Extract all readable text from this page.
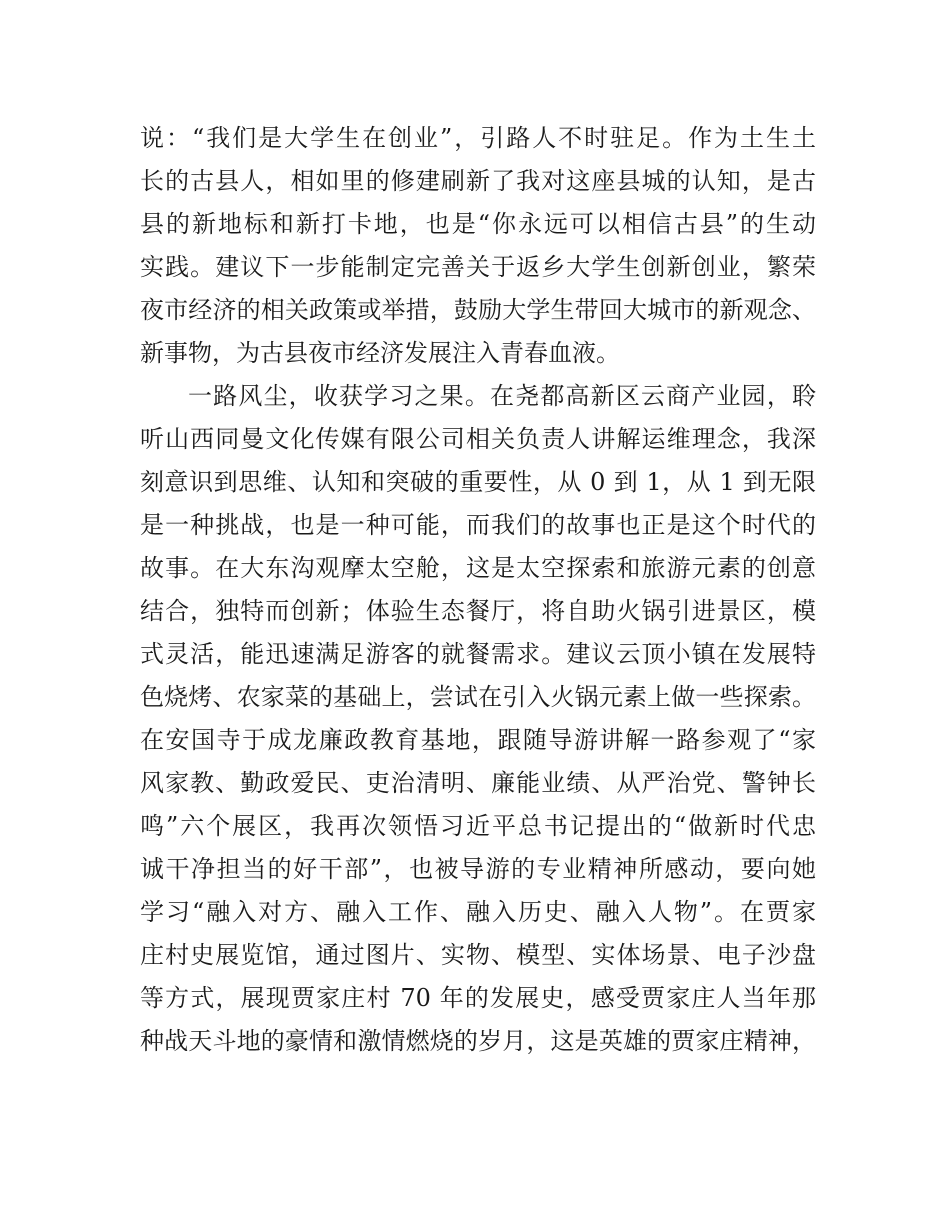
说：“我们是大学生在创业”，引路人不时驻足。作为土生土
长的古县人，相如里的修建刷新了我对这座县城的认知，是古
县的新地标和新打卡地，也是“你永远可以相信古县”的生动
实践。建议下一步能制定完善关于返乡大学生创新创业，繁荣
夜市经济的相关政策或举措，鼓励大学生带回大城市的新观念、
新事物，为古县夜市经济发展注入青春血液。
一路风尘，收获学习之果。在尧都高新区云商产业园，聆
听山西同曼文化传媒有限公司相关负责人讲解运维理念，我深
刻意识到思维、认知和突破的重要性，从 0 到 1，从 1 到无限
是一种挑战，也是一种可能，而我们的故事也正是这个时代的
故事。在大东沟观摩太空舱，这是太空探索和旅游元素的创意
结合，独特而创新；体验生态餐厅，将自助火锅引进景区，模
式灵活，能迅速满足游客的就餐需求。建议云顶小镇在发展特
色烧烤、农家菜的基础上，尝试在引入火锅元素上做一些探索。
在安国寺于成龙廉政教育基地，跟随导游讲解一路参观了“家
风家教、勤政爱民、吏治清明、廉能业绩、从严治党、警钟长
鸣”六个展区，我再次领悟习近平总书记提出的“做新时代忠
诚干净担当的好干部”，也被导游的专业精神所感动，要向她
学习“融入对方、融入工作、融入历史、融入人物”。在贾家
庄村史展览馆，通过图片、实物、模型、实体场景、电子沙盘
等方式，展现贾家庄村 70 年的发展史，感受贾家庄人当年那
种战天斗地的豪情和激情燃烧的岁月，这是英雄的贾家庄精神，
